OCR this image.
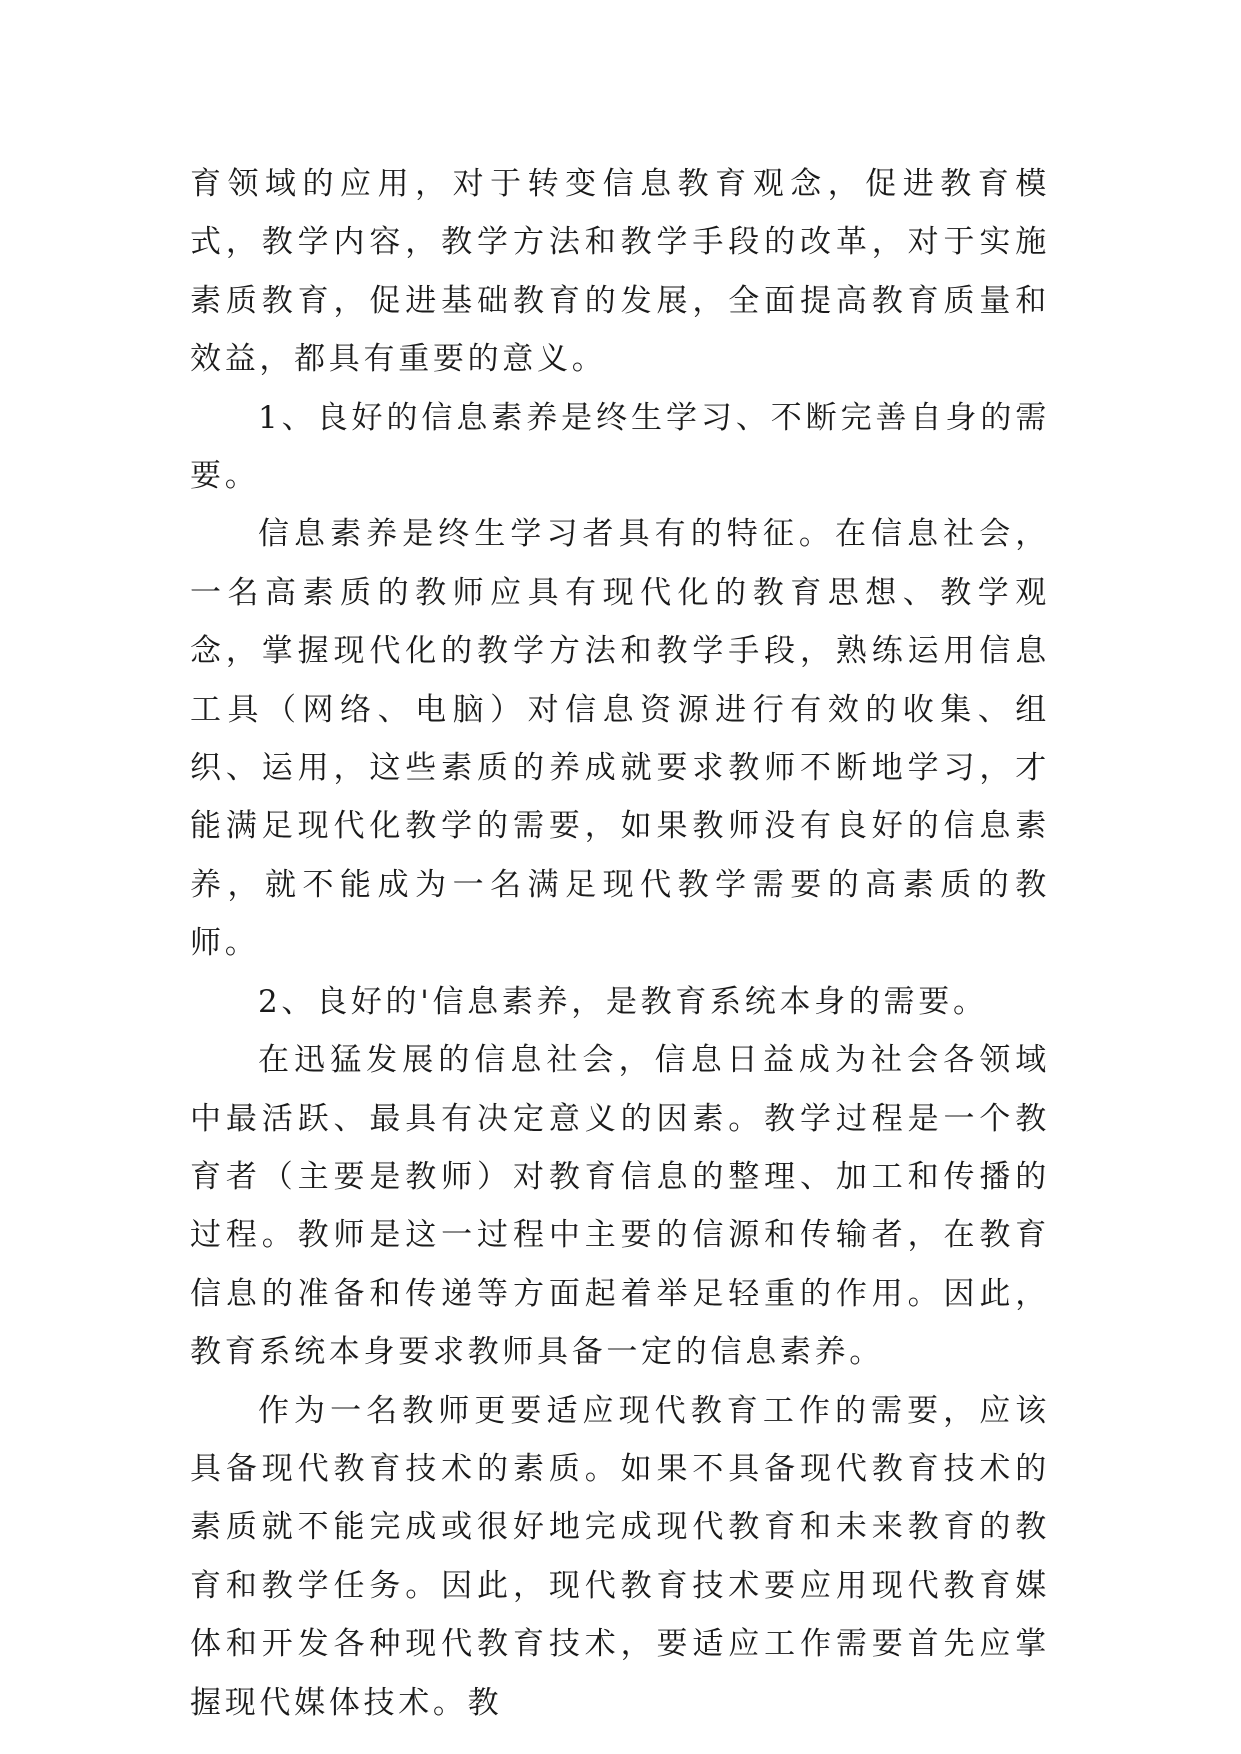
育领域的应用，对于转变信息教育观念，促进教育模式，教学内容，教学方法和教学手段的改革，对于实施素质教育，促进基础教育的发展，全面提高教育质量和效益，都具有重要的意义。

1、良好的信息素养是终生学习、不断完善自身的需要。

信息素养是终生学习者具有的特征。在信息社会，一名高素质的教师应具有现代化的教育思想、教学观念，掌握现代化的教学方法和教学手段，熟练运用信息工具（网络、电脑）对信息资源进行有效的收集、组织、运用，这些素质的养成就要求教师不断地学习，才能满足现代化教学的需要，如果教师没有良好的信息素养，就不能成为一名满足现代教学需要的高素质的教师。

2、良好的'信息素养，是教育系统本身的需要。

在迅猛发展的信息社会，信息日益成为社会各领域中最活跃、最具有决定意义的因素。教学过程是一个教育者（主要是教师）对教育信息的整理、加工和传播的过程。教师是这一过程中主要的信源和传输者，在教育信息的准备和传递等方面起着举足轻重的作用。因此，教育系统本身要求教师具备一定的信息素养。

作为一名教师更要适应现代教育工作的需要，应该具备现代教育技术的素质。如果不具备现代教育技术的素质就不能完成或很好地完成现代教育和未来教育的教育和教学任务。因此，现代教育技术要应用现代教育媒体和开发各种现代教育技术，要适应工作需要首先应掌握现代媒体技术。教
